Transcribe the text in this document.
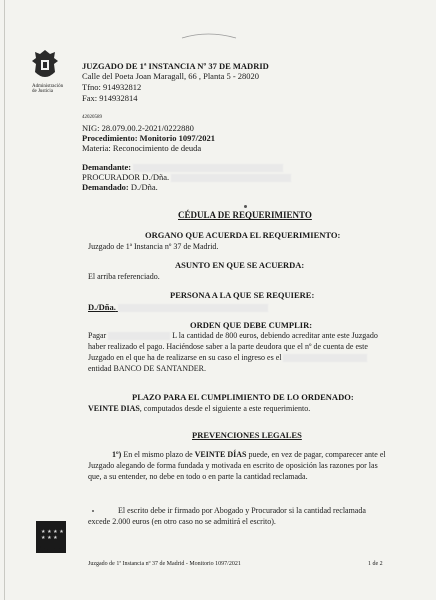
Administración de Justicia
JUZGADO DE 1ª INSTANCIA Nº 37 DE MADRID
Calle del Poeta Joan Maragall, 66 , Planta 5 - 28020
Tfno: 914932812
Fax: 914932814
42020589
NIG: 28.079.00.2-2021/0222880
Procedimiento: Monitorio 1097/2021
Materia: Reconocimiento de deuda
Demandante:
PROCURADOR D./Dña.
Demandado: D./Dña.
CÉDULA DE REQUERIMIENTO
ORGANO QUE ACUERDA EL REQUERIMIENTO:
Juzgado de 1ª Instancia nº 37 de Madrid.
ASUNTO EN QUE SE ACUERDA:
El arriba referenciado.
PERSONA A LA QUE SE REQUIERE:
D./Dña.
ORDEN QUE DEBE CUMPLIR:
Pagar	L la cantidad de 800 euros, debiendo acreditar ante este Juzgado
haber realizado el pago. Haciéndose saber a la parte deudora que el nº de cuenta de este
Juzgado en el que ha de realizarse en su caso el ingreso es el
entidad BANCO DE SANTANDER.
PLAZO PARA EL CUMPLIMIENTO DE LO ORDENADO:
VEINTE DIAS, computados desde el siguiente a este requerimiento.
PREVENCIONES LEGALES
1º) En el mismo plazo de VEINTE DÍAS puede, en vez de pagar, comparecer ante el
Juzgado alegando de forma fundada y motivada en escrito de oposición las razones por las
que, a su entender, no debe en todo o en parte la cantidad reclamada.
El escrito debe ir firmado por Abogado y Procurador si la cantidad reclamada
excede 2.000 euros (en otro caso no se admitirá el escrito).
★ ★ ★ ★
★ ★ ★
Madrid
Juzgado de 1ª Instancia nº 37 de Madrid - Monitorio 1097/2021	1 de 2
